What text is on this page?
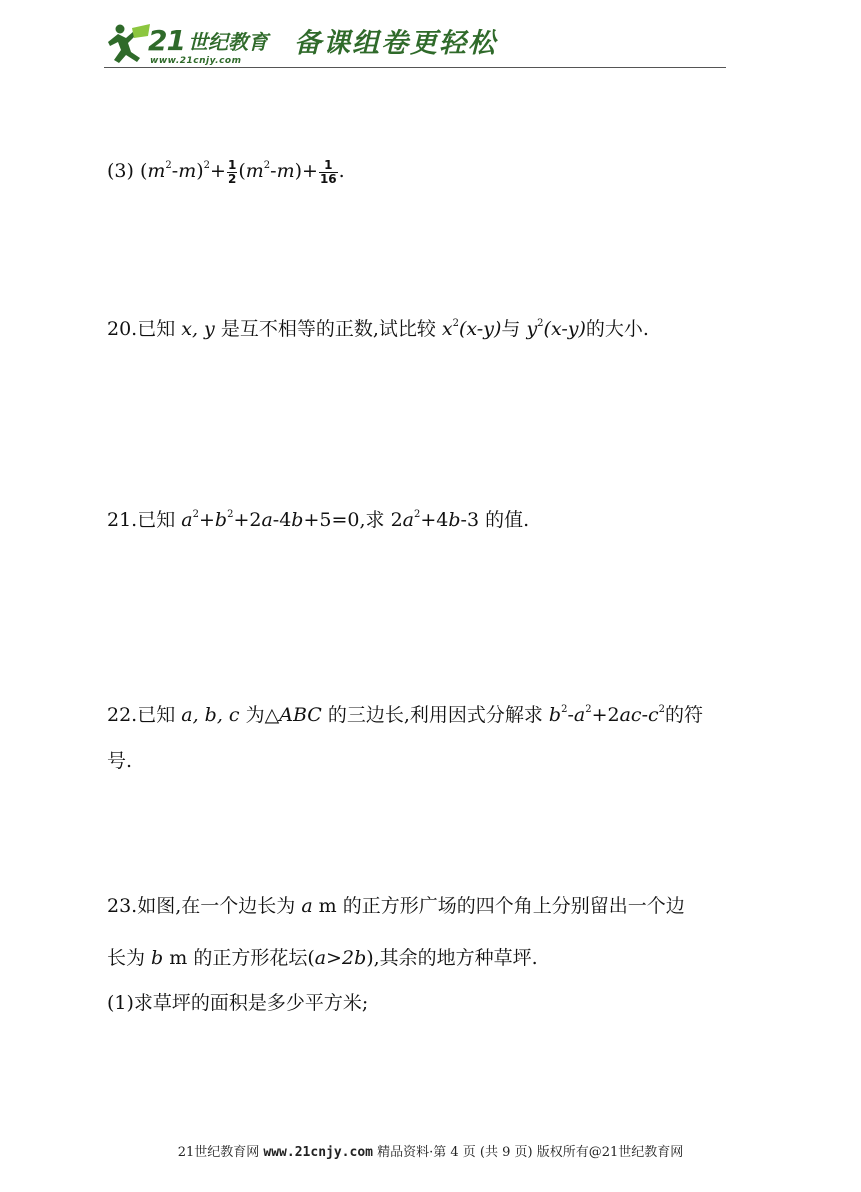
21 世纪教育
www.21cnjy.com
备课组卷更轻松
(3) $(m^2-m)^2+ \frac{1}{2} (m^2-m)+ \frac{1}{16}$ .
20.已知 x, y 是互不相等的正数,试比较 $x^2(x-y)$与 $y^2(x-y)$的大小.
21.已知 $a^2+b^2+2a-4b+5=0$,求 $2a^2+4b-3$ 的值.
22.已知 a, b, c 为△ABC 的三边长,利用因式分解求 $b^2-a^2+2ac-c^2$的符
号.
23.如图,在一个边长为 a m 的正方形广场的四个角上分别留出一个边
长为 b m 的正方形花坛(a>2b),其余的地方种草坪.
(1)求草坪的面积是多少平方米;
21世纪教育网 www.21cnjy.com 精品资料·第 4 页 (共 9 页) 版权所有@21世纪教育网
